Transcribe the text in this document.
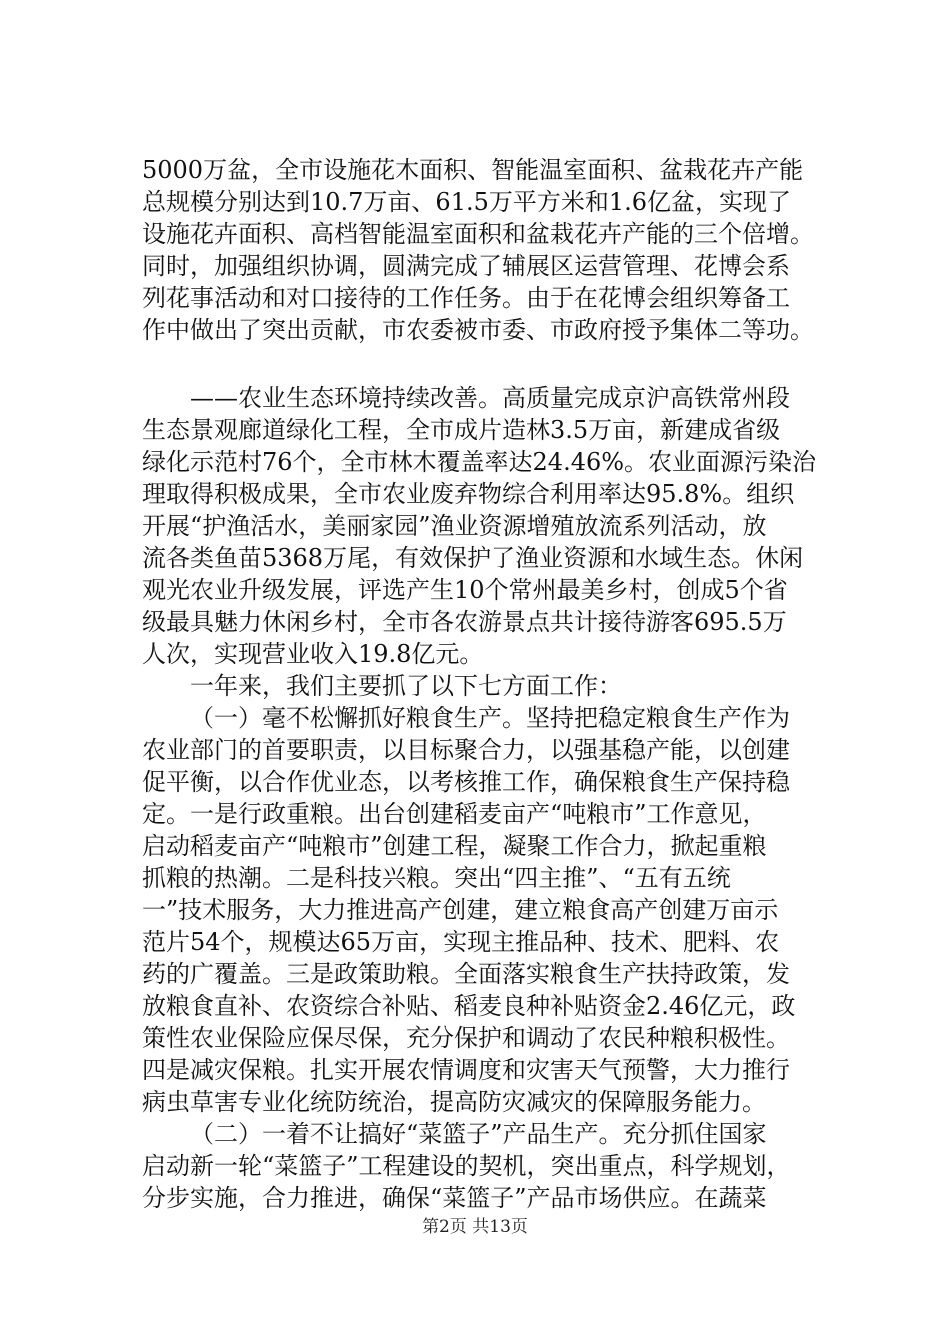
5000万盆，全市设施花木面积、智能温室面积、盆栽花卉产能
总规模分别达到10.7万亩、61.5万平方米和1.6亿盆，实现了
设施花卉面积、高档智能温室面积和盆栽花卉产能的三个倍增。
同时，加强组织协调，圆满完成了辅展区运营管理、花博会系
列花事活动和对口接待的工作任务。由于在花博会组织筹备工
作中做出了突出贡献，市农委被市委、市政府授予集体二等功。
——农业生态环境持续改善。高质量完成京沪高铁常州段
生态景观廊道绿化工程，全市成片造林3.5万亩，新建成省级
绿化示范村76个，全市林木覆盖率达24.46%。农业面源污染治
理取得积极成果，全市农业废弃物综合利用率达95.8%。组织
开展“护渔活水，美丽家园”渔业资源增殖放流系列活动，放
流各类鱼苗5368万尾，有效保护了渔业资源和水域生态。休闲
观光农业升级发展，评选产生10个常州最美乡村，创成5个省
级最具魅力休闲乡村，全市各农游景点共计接待游客695.5万
人次，实现营业收入19.8亿元。
一年来，我们主要抓了以下七方面工作：
（一）毫不松懈抓好粮食生产。坚持把稳定粮食生产作为
农业部门的首要职责，以目标聚合力，以强基稳产能，以创建
促平衡，以合作优业态，以考核推工作，确保粮食生产保持稳
定。一是行政重粮。出台创建稻麦亩产“吨粮市”工作意见，
启动稻麦亩产“吨粮市”创建工程，凝聚工作合力，掀起重粮
抓粮的热潮。二是科技兴粮。突出“四主推”、“五有五统
一”技术服务，大力推进高产创建，建立粮食高产创建万亩示
范片54个，规模达65万亩，实现主推品种、技术、肥料、农
药的广覆盖。三是政策助粮。全面落实粮食生产扶持政策，发
放粮食直补、农资综合补贴、稻麦良种补贴资金2.46亿元，政
策性农业保险应保尽保，充分保护和调动了农民种粮积极性。
四是减灾保粮。扎实开展农情调度和灾害天气预警，大力推行
病虫草害专业化统防统治，提高防灾减灾的保障服务能力。
（二）一着不让搞好“菜篮子”产品生产。充分抓住国家
启动新一轮“菜篮子”工程建设的契机，突出重点，科学规划，
分步实施，合力推进，确保“菜篮子”产品市场供应。在蔬菜
第2页 共13页
